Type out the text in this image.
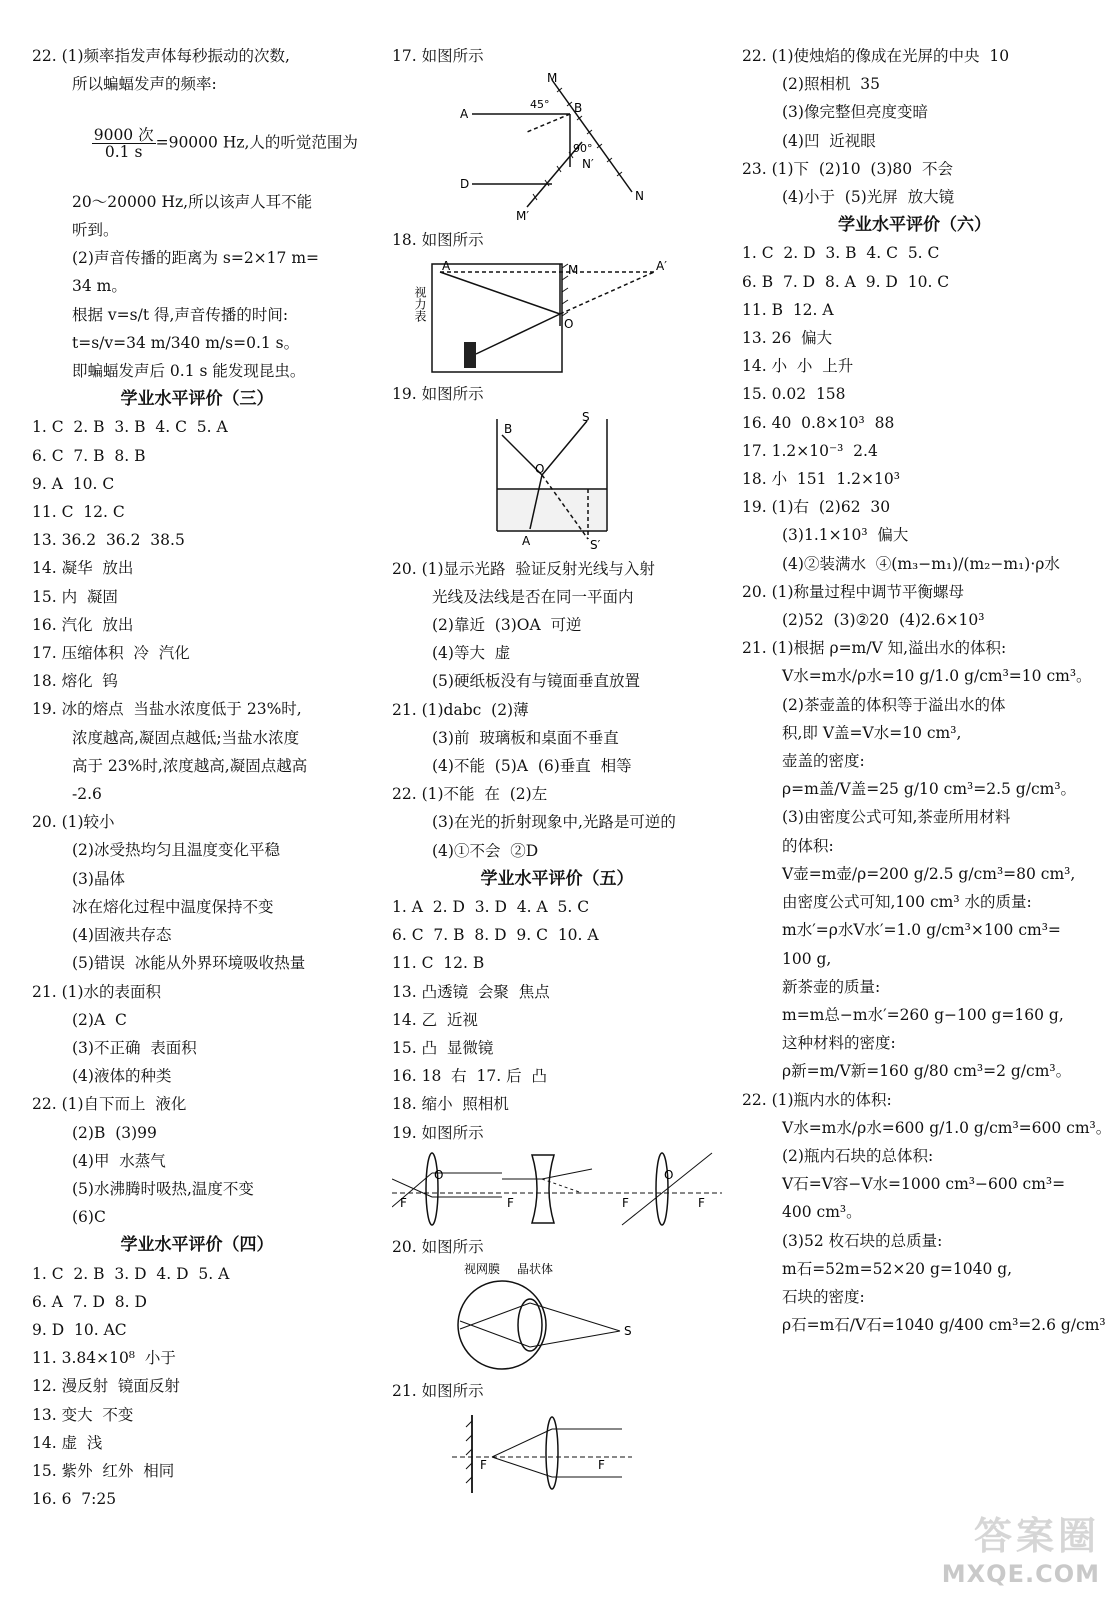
22. (1)频率指发声体每秒振动的次数,
所以蝙蝠发声的频率:

$\frac{\text{9000 次}}{0.1 s} =90000$ Hz,人的听觉范围为

20～20000 Hz,所以该声人耳不能
听到。
(2)声音传播的距离为 s=2×17 m=
34 m。
根据 v=s/t 得,声音传播的时间:
t=s/v=34 m/340 m/s=0.1 s。
即蝙蝠发声后 0.1 s 能发现昆虫。
学业水平评价（三）
1. C  2. B  3. B  4. C  5. A
6. C  7. B  8. B
9. A  10. C
11. C  12. C
13. 36.2  36.2  38.5
14. 凝华  放出
15. 内  凝固
16. 汽化  放出
17. 压缩体积  冷  汽化
18. 熔化  钨
19. 冰的熔点  当盐水浓度低于 23%时,
浓度越高,凝固点越低;当盐水浓度
高于 23%时,浓度越高,凝固点越高
-2.6
20. (1)较小
(2)冰受热均匀且温度变化平稳
(3)晶体
冰在熔化过程中温度保持不变
(4)固液共存态
(5)错误  冰能从外界环境吸收热量
21. (1)水的表面积
(2)A  C
(3)不正确  表面积
(4)液体的种类
22. (1)自下而上  液化
(2)B  (3)99
(4)甲  水蒸气
(5)水沸腾时吸热,温度不变
(6)C
学业水平评价（四）
1. C  2. B  3. D  4. D  5. A
6. A  7. D  8. D
9. D  10. AC
11. 3.84×10⁸  小于
12. 漫反射  镜面反射
13. 变大  不变
14. 虚  浅
15. 紫外  红外  相同
16. 6  7:25
17. 如图所示
M
B
A
D
N
N′
M′
45°
90°
18. 如图所示
A	A′
M
O
视力表
19. 如图所示
B
S
O
A	S′
20. (1)显示光路  验证反射光线与入射
光线及法线是否在同一平面内
(2)靠近  (3)OA  可逆
(4)等大  虚
(5)硬纸板没有与镜面垂直放置
21. (1)dabc  (2)薄
(3)前  玻璃板和桌面不垂直
(4)不能  (5)A  (6)垂直  相等
22. (1)不能  在  (2)左
(3)在光的折射现象中,光路是可逆的
(4)①不会  ②D
学业水平评价（五）
1. A  2. D  3. D  4. A  5. C
6. C  7. B  8. D  9. C  10. A
11. C  12. B
13. 凸透镜  会聚  焦点
14. 乙  近视
15. 凸  显微镜
16. 18  右  17. 后  凸
18. 缩小  照相机
19. 如图所示
F
O
F	F
O
F
20. 如图所示
视网膜 晶状体
S
21. 如图所示
F	F
22. (1)使烛焰的像成在光屏的中央  10
(2)照相机  35
(3)像完整但亮度变暗
(4)凹  近视眼
23. (1)下  (2)10  (3)80  不会
(4)小于  (5)光屏  放大镜
学业水平评价（六）
1. C  2. D  3. B  4. C  5. C
6. B  7. D  8. A  9. D  10. C
11. B  12. A
13. 26  偏大
14. 小  小  上升
15. 0.02  158
16. 40  0.8×10³  88
17. 1.2×10⁻³  2.4
18. 小  151  1.2×10³
19. (1)右  (2)62  30
(3)1.1×10³  偏大
(4)②装满水  ④(m₃−m₁)/(m₂−m₁)·ρ水
20. (1)称量过程中调节平衡螺母
(2)52  (3)②20  (4)2.6×10³
21. (1)根据 ρ=m/V 知,溢出水的体积:
V水=m水/ρ水=10 g/1.0 g/cm³=10 cm³。
(2)茶壶盖的体积等于溢出水的体
积,即 V盖=V水=10 cm³,
壶盖的密度:
ρ=m盖/V盖=25 g/10 cm³=2.5 g/cm³。
(3)由密度公式可知,茶壶所用材料
的体积:
V壶=m壶/ρ=200 g/2.5 g/cm³=80 cm³,
由密度公式可知,100 cm³ 水的质量:
m水′=ρ水V水′=1.0 g/cm³×100 cm³=
100 g,
新茶壶的质量:
m=m总−m水′=260 g−100 g=160 g,
这种材料的密度:
ρ新=m/V新=160 g/80 cm³=2 g/cm³。
22. (1)瓶内水的体积:
V水=m水/ρ水=600 g/1.0 g/cm³=600 cm³。
(2)瓶内石块的总体积:
V石=V容−V水=1000 cm³−600 cm³=
400 cm³。
(3)52 枚石块的总质量:
m石=52m=52×20 g=1040 g,
石块的密度:
ρ石=m石/V石=1040 g/400 cm³=2.6 g/cm³
答案圈
MXQE.COM
